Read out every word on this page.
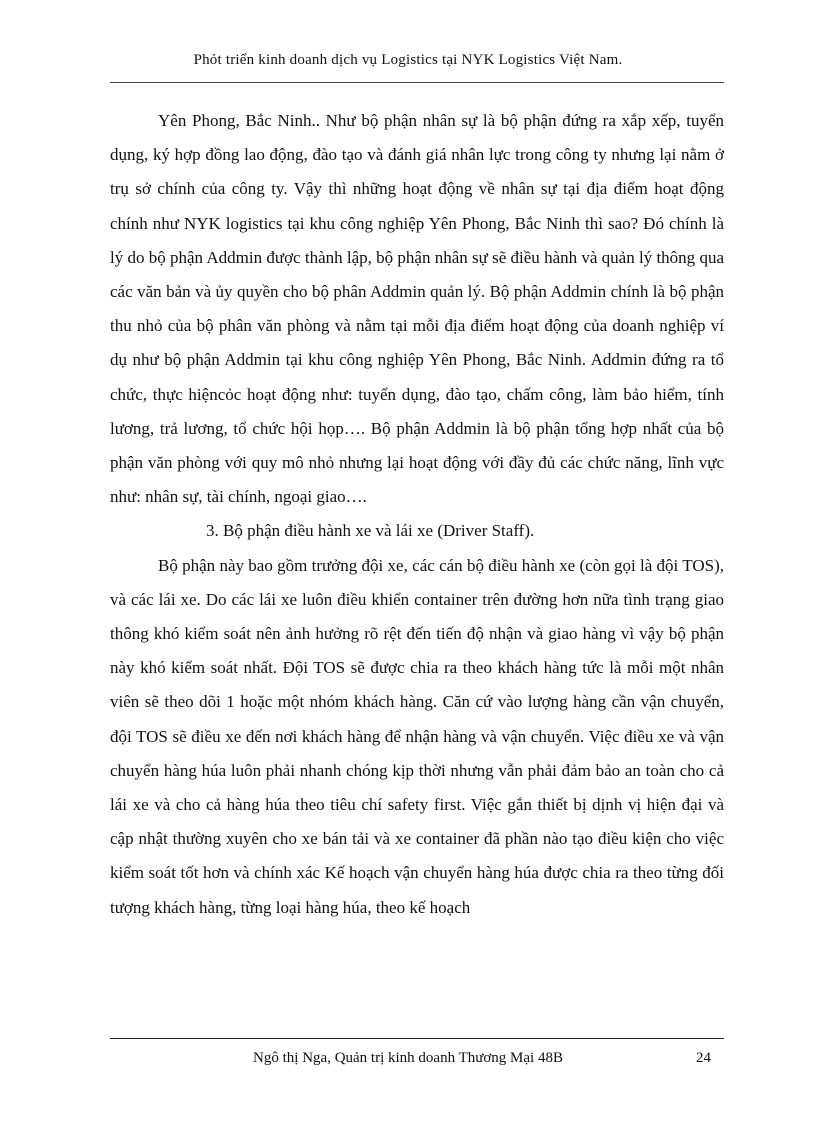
Phỏt triển kinh doanh dịch vụ Logistics tại NYK Logistics Việt Nam.

Yên Phong, Bắc Ninh.. Như bộ phận nhân sự là bộ phận đứng ra xắp xếp, tuyển dụng, ký hợp đồng lao động, đào tạo và đánh giá nhân lực trong công ty nhưng lại nằm ở trụ sở chính của công ty. Vậy thì những hoạt động về nhân sự tại địa điểm hoạt động chính như NYK logistics tại khu công nghiệp Yên Phong, Bắc Ninh thì sao? Đó chính là lý do bộ phận Addmin được thành lập, bộ phận nhân sự sẽ điều hành và quản lý thông qua các văn bản và ủy quyền cho bộ phân Addmin quản lý. Bộ phận Addmin chính là bộ phận thu nhỏ của bộ phân văn phòng và nằm tại mỗi địa điểm hoạt động của doanh nghiệp ví dụ như bộ phận Addmin tại khu công nghiệp Yên Phong, Bắc Ninh. Addmin đứng ra tổ chức, thực hiệncỏc hoạt động như: tuyển dụng, đào tạo, chấm công, làm bảo hiểm, tính lương, trả lương, tổ chức hội họp…. Bộ phận Addmin là bộ phận tổng hợp nhất của bộ phận văn phòng với quy mô nhỏ nhưng lại hoạt động với đầy đủ các chức năng, lĩnh vực như: nhân sự, tài chính, ngoại giao….

3. Bộ phận điều hành xe và lái xe (Driver Staff).

Bộ phận này bao gồm trưởng đội xe, các cán bộ điều hành xe (còn gọi là đội TOS), và các lái xe. Do các lái xe luôn điều khiển container trên đường hơn nữa tình trạng giao thông khó kiểm soát nên ảnh hưởng rõ rệt đến tiến độ nhận và giao hàng vì vậy bộ phận này khó kiểm soát nhất. Đội TOS sẽ được chia ra theo khách hàng tức là mỗi một nhân viên sẽ theo dõi 1 hoặc một nhóm khách hàng. Căn cứ vào lượng hàng cần vận chuyển, đội TOS sẽ điều xe đến nơi khách hàng để nhận hàng và vận chuyển. Việc điều xe và vận chuyển hàng húa luôn phải nhanh chóng kịp thời nhưng vẫn phải đảm bảo an toàn cho cả lái xe và cho cả hàng húa theo tiêu chí safety first. Việc gắn thiết bị dịnh vị hiện đại và cập nhật thường xuyên cho xe bán tải và xe container đã phần nào tạo điều kiện cho việc kiểm soát tốt hơn và chính xác Kế hoạch vận chuyển hàng húa được chia ra theo từng đối tượng khách hàng, từng loại hàng húa, theo kế hoạch

Ngô thị Nga, Quản trị kinh doanh Thương Mại 48B	24
